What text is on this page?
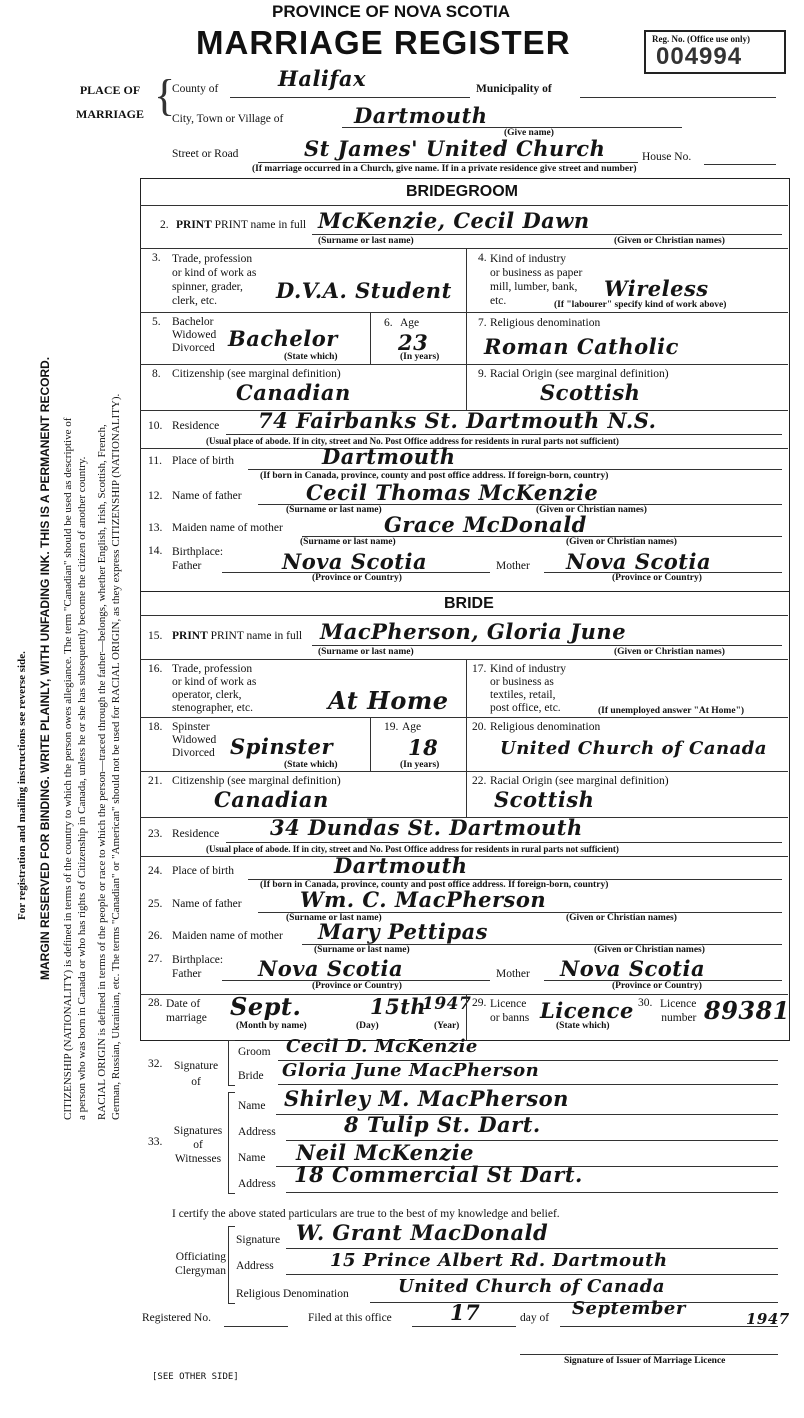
For registration and mailing instructions see reverse side. MARGIN RESERVED FOR BINDING. WRITE PLAINLY, WITH UNFADING INK. THIS IS A PERMANENT RECORD. CITIZENSHIP (NATIONALITY) is defined in terms of the country to which the person owes allegiance. The term "Canadian" should be used as descriptive of a person who was born in Canada or who has rights of Citizenship in Canada, unless he or she has subsequently become the citizen of another country. RACIAL ORIGIN is defined in terms of the people or race to which the person—traced through the father—belongs, whether English, Irish, Scottish, French, German, Russian, Ukrainian, etc. The terms "Canadian" or "American" should not be used for RACIAL ORIGIN, as they express CITIZENSHIP (NATIONALITY).
PROVINCE OF NOVA SCOTIA
MARRIAGE REGISTER	Reg. No. (Office use only)
004994
PLACE OF MARRIAGE {
County of	Halifax	Municipality of
City, Town or Village of	Dartmouth
(Give name)
Street or Road	St James' United Church	House No.
(If marriage occurred in a Church, give name. If in a private residence give street and number)
BRIDEGROOM
2. PRINT PRINT name in full McKenzie, Cecil Dawn
(Surname or last name)	(Given or Christian names)
3. Trade, profession
or kind of work as
spinner, grader,
clerk, etc.	D.V.A. Student
4. Kind of industry
or business as paper
mill, lumber, bank,
etc.	Wireless
(If "labourer" specify kind of work above)
5. Bachelor
Widowed
Divorced Bachelor
(State which)
6. Age
23
(In years)
7. Religious denomination
Roman Catholic
8. Citizenship (see marginal definition)
Canadian
9. Racial Origin (see marginal definition)
Scottish
10. Residence 74 Fairbanks St. Dartmouth N.S.
(Usual place of abode. If in city, street and No. Post Office address for residents in rural parts not sufficient)
11. Place of birth	Dartmouth
(If born in Canada, province, county and post office address. If foreign-born, country)
12. Name of father	Cecil Thomas McKenzie
(Surname or last name)	(Given or Christian names)
13. Maiden name of mother	Grace McDonald
(Surname or last name)	(Given or Christian names)
14. Birthplace:
Father	Nova Scotia	Mother Nova Scotia
(Province or Country)	(Province or Country)
BRIDE
15. PRINT PRINT name in full MacPherson, Gloria June
(Surname or last name)	(Given or Christian names)
16. Trade, profession
or kind of work as
operator, clerk,
stenographer, etc.	At Home
17. Kind of industry
or business as
textiles, retail,
post office, etc.	(If unemployed answer "At Home")
18. Spinster
Widowed
Divorced Spinster
(State which)
19. Age
18
(In years)
20. Religious denomination
United Church of Canada
21. Citizenship (see marginal definition)
Canadian
22. Racial Origin (see marginal definition)
Scottish
23. Residence 34 Dundas St. Dartmouth
(Usual place of abode. If in city, street and No. Post Office address for residents in rural parts not sufficient)
24. Place of birth	Dartmouth
(If born in Canada, province, county and post office address. If foreign-born, country)
25. Name of father	Wm. C. MacPherson
(Surname or last name)	(Given or Christian names)
26. Maiden name of mother Mary Pettipas
(Surname or last name)	(Given or Christian names)
27. Birthplace:
Father	Nova Scotia	Mother Nova Scotia
(Province or Country)	(Province or Country)
28. Date of
marriage Sept.	15th
1947
(Month by name)	(Day)	(Year)
29. Licence
or banns Licence
(State which)
30. Licence
number 89381
32. Signature
of
Groom Cecil D. McKenzie
Bride Gloria June MacPherson
33.
Signatures
of
Witnesses
Name Shirley M. MacPherson
Address	8 Tulip St. Dart.
Name Neil McKenzie
Address 18 Commercial St Dart.
I certify the above stated particulars are true to the best of my knowledge and belief.
Officiating
Clergyman
Signature W. Grant MacDonald
Address	15 Prince Albert Rd. Dartmouth
Religious Denomination	United Church of Canada
Registered No.	Filed at this office	17	day of September	1947
Signature of Issuer of Marriage Licence
[SEE OTHER SIDE]
